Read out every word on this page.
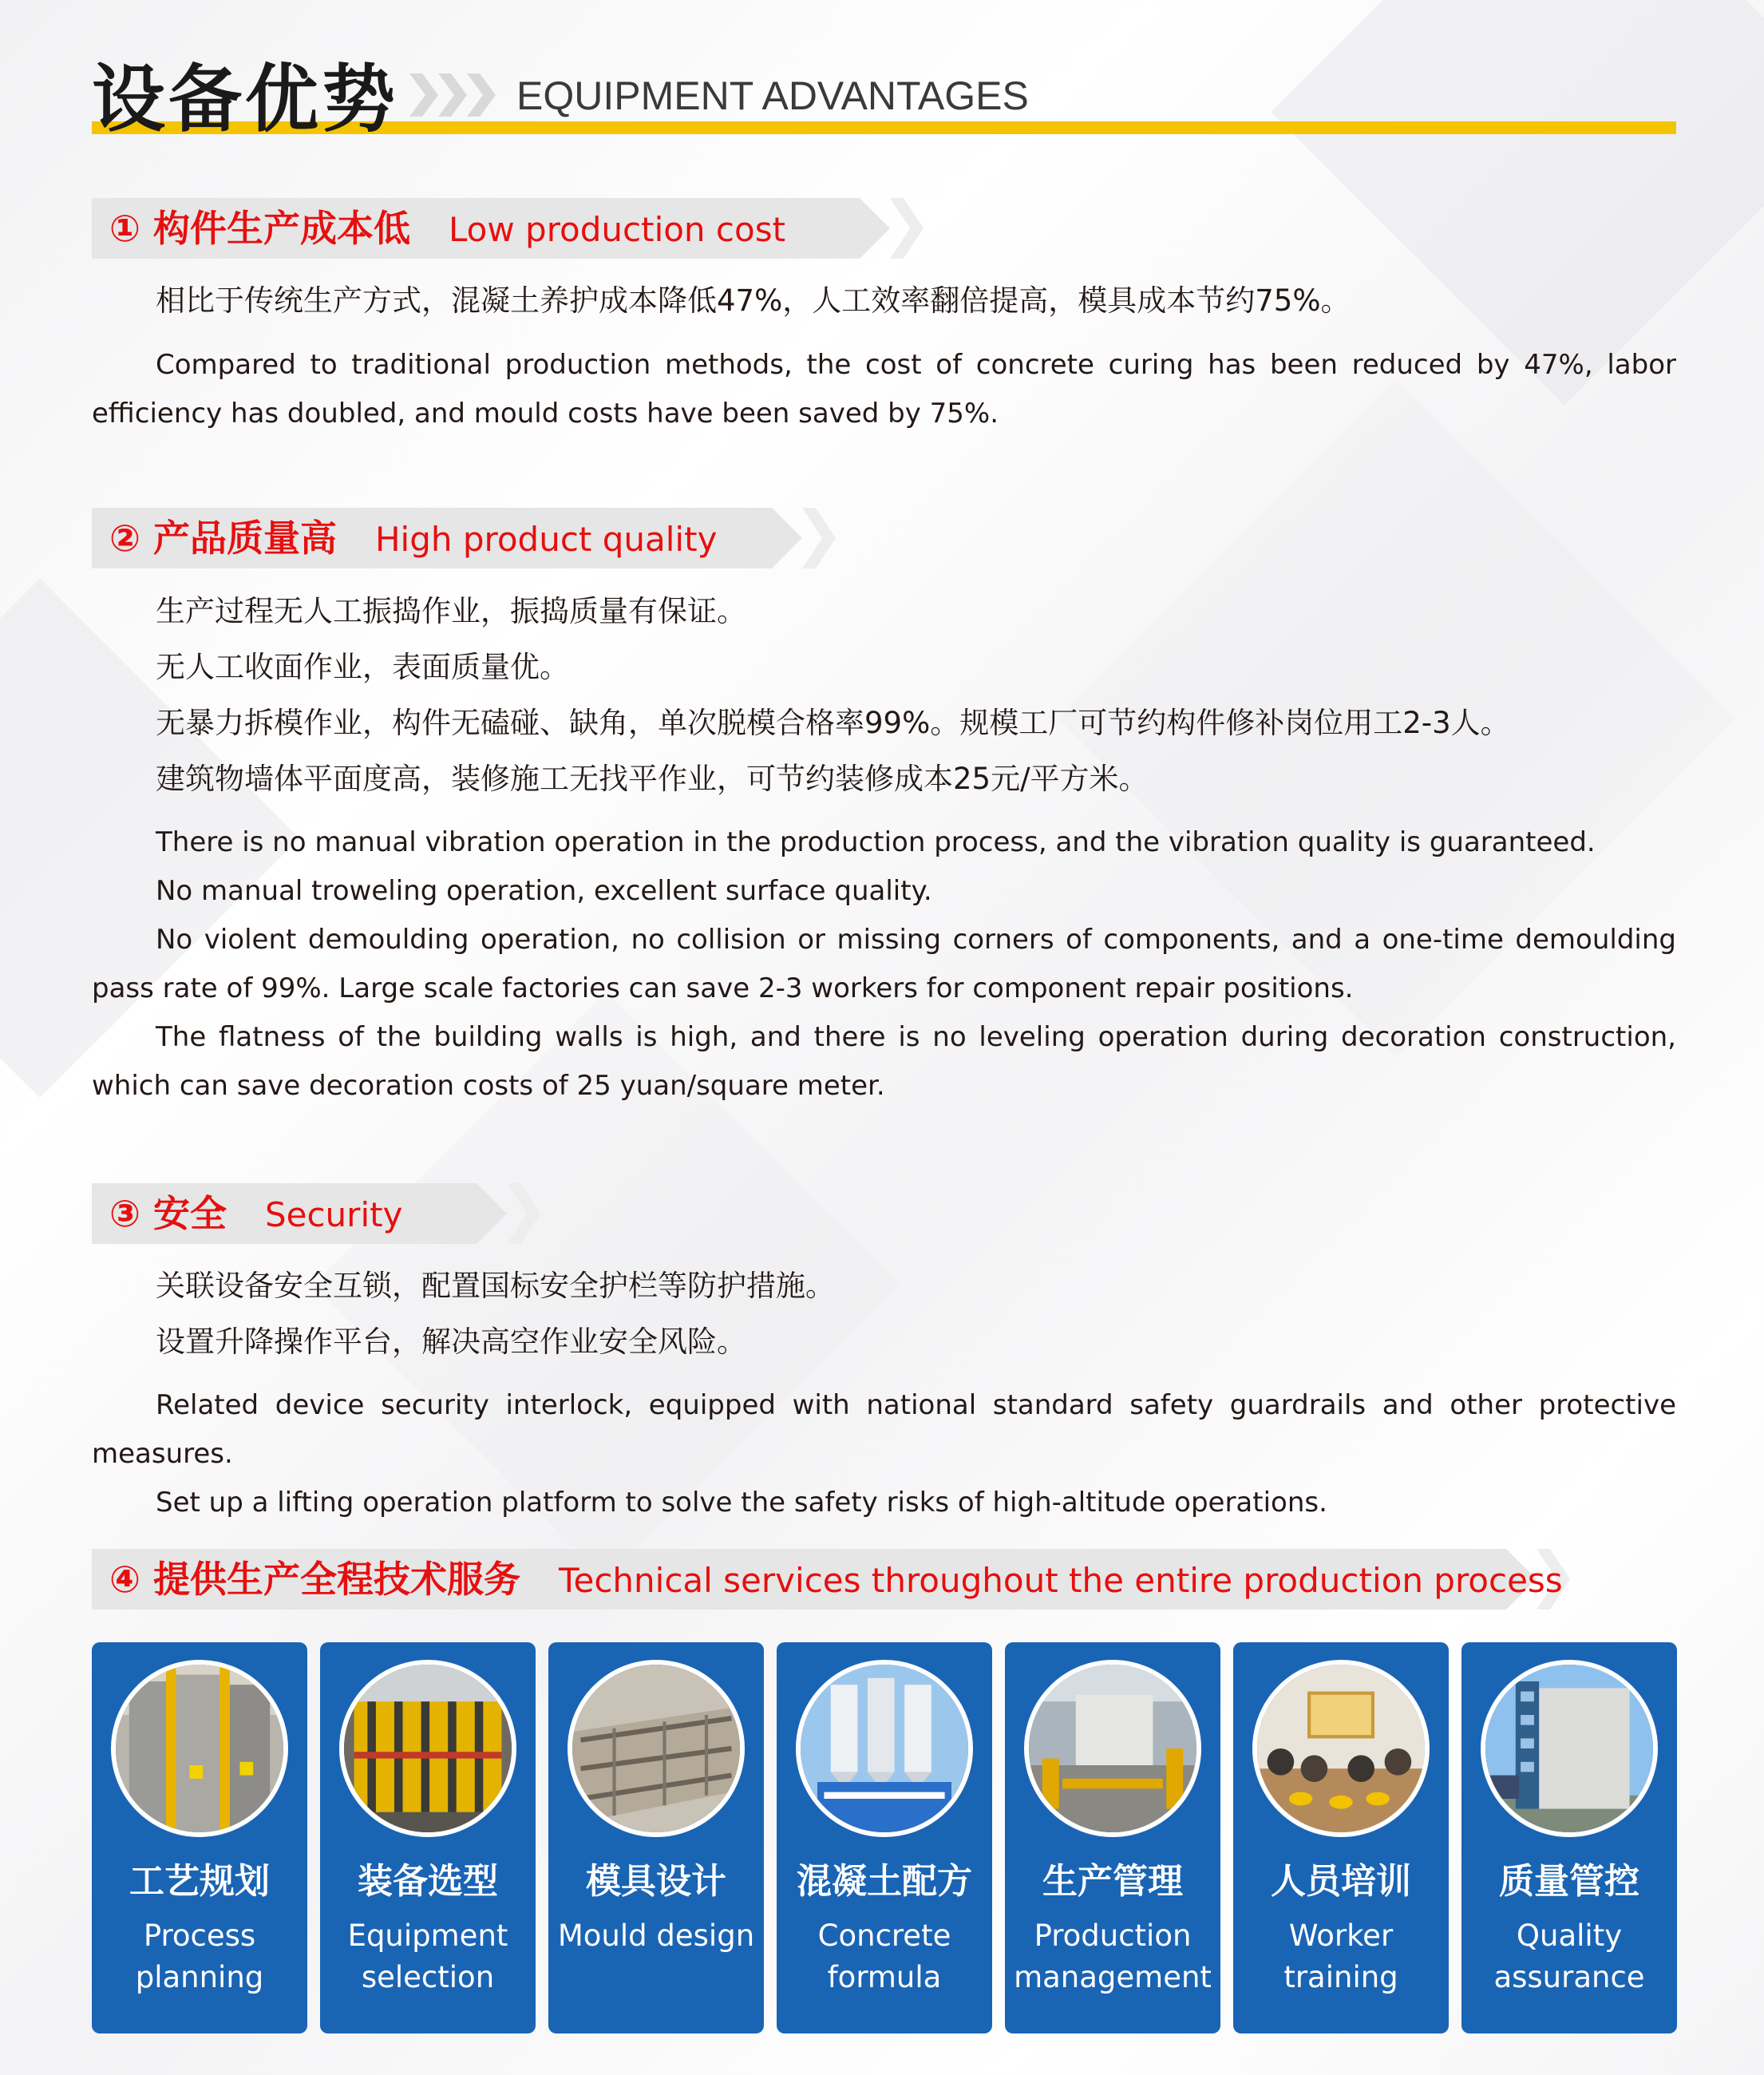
设备优势	EQUIPMENT ADVANTAGES
① 构件生产成本低 Low production cost
相比于传统生产方式，混凝土养护成本降低47%，人工效率翻倍提高，模具成本节约75%。
Compared to traditional production methods, the cost of concrete curing has been reduced by 47%, labor efficiency has doubled, and mould costs have been saved by 75%.
② 产品质量高 High product quality
生产过程无人工振捣作业，振捣质量有保证。
无人工收面作业，表面质量优。
无暴力拆模作业，构件无磕碰、缺角，单次脱模合格率99%。规模工厂可节约构件修补岗位用工2-3人。
建筑物墙体平面度高，装修施工无找平作业，可节约装修成本25元/平方米。
There is no manual vibration operation in the production process, and the vibration quality is guaranteed.
No manual troweling operation, excellent surface quality.
No violent demoulding operation, no collision or missing corners of components, and a one-time demoulding pass rate of 99%. Large scale factories can save 2-3 workers for component repair positions.
The flatness of the building walls is high, and there is no leveling operation during decoration construction, which can save decoration costs of 25 yuan/square meter.
③ 安全 Security
关联设备安全互锁，配置国标安全护栏等防护措施。
设置升降操作平台，解决高空作业安全风险。
Related device security interlock, equipped with national standard safety guardrails and other protective measures.
Set up a lifting operation platform to solve the safety risks of high-altitude operations.
④ 提供生产全程技术服务 Technical services throughout the entire production process
工艺规划
Process planning
装备选型
Equipment selection
模具设计
Mould design
混凝土配方
Concrete formula
生产管理
Production management
人员培训
Worker training
质量管控
Quality assurance
